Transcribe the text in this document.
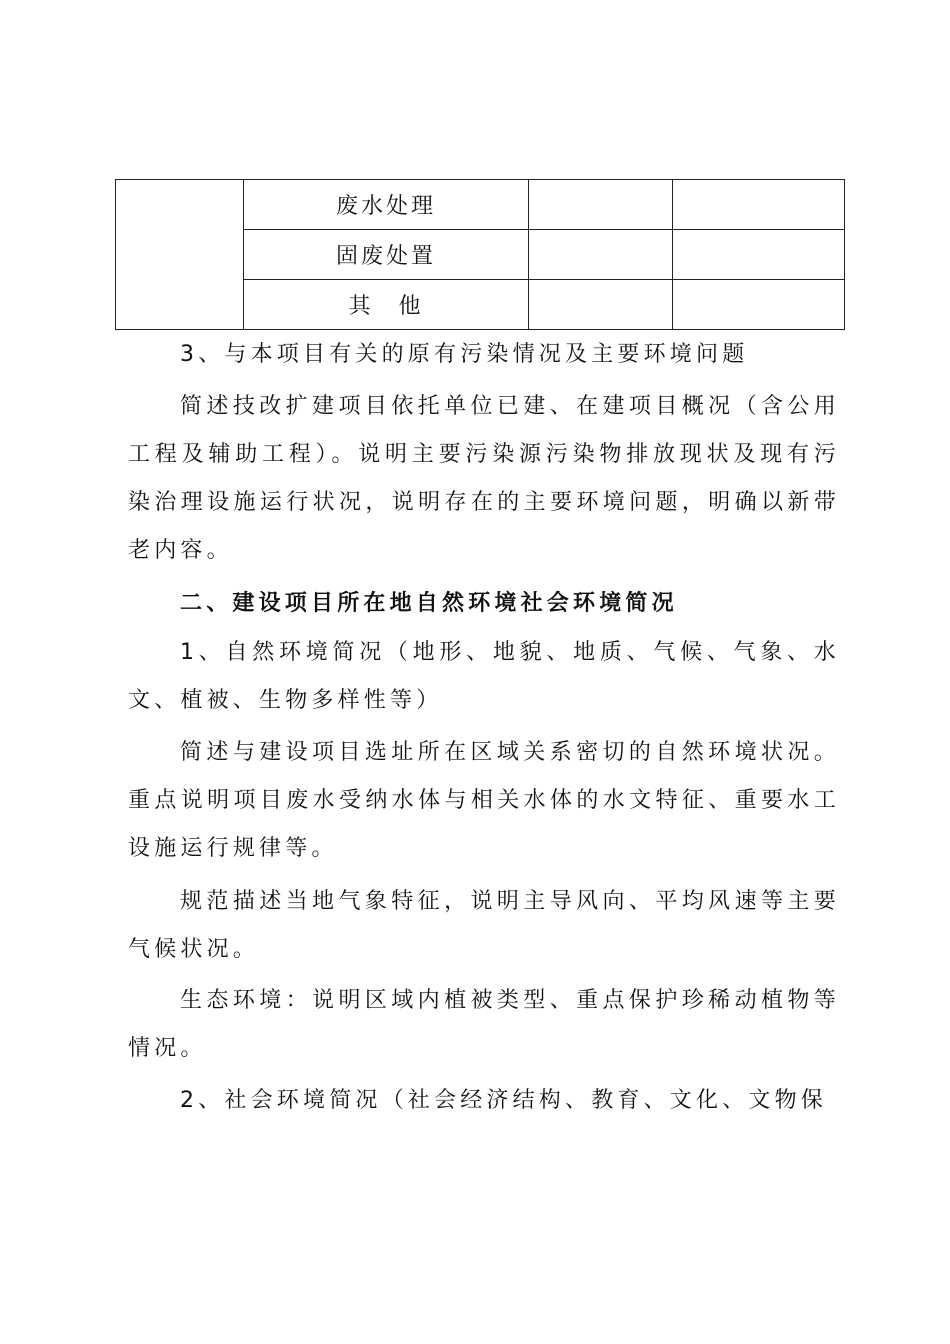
	废水处理		
	固废处置		
	其　他		

3、与本项目有关的原有污染情况及主要环境问题

简述技改扩建项目依托单位已建、在建项目概况（含公用工程及辅助工程）。说明主要污染源污染物排放现状及现有污染治理设施运行状况，说明存在的主要环境问题，明确以新带老内容。

二、建设项目所在地自然环境社会环境简况

1、自然环境简况（地形、地貌、地质、气候、气象、水文、植被、生物多样性等）

简述与建设项目选址所在区域关系密切的自然环境状况。重点说明项目废水受纳水体与相关水体的水文特征、重要水工设施运行规律等。

规范描述当地气象特征，说明主导风向、平均风速等主要气候状况。

生态环境：说明区域内植被类型、重点保护珍稀动植物等情况。

2、社会环境简况（社会经济结构、教育、文化、文物保
